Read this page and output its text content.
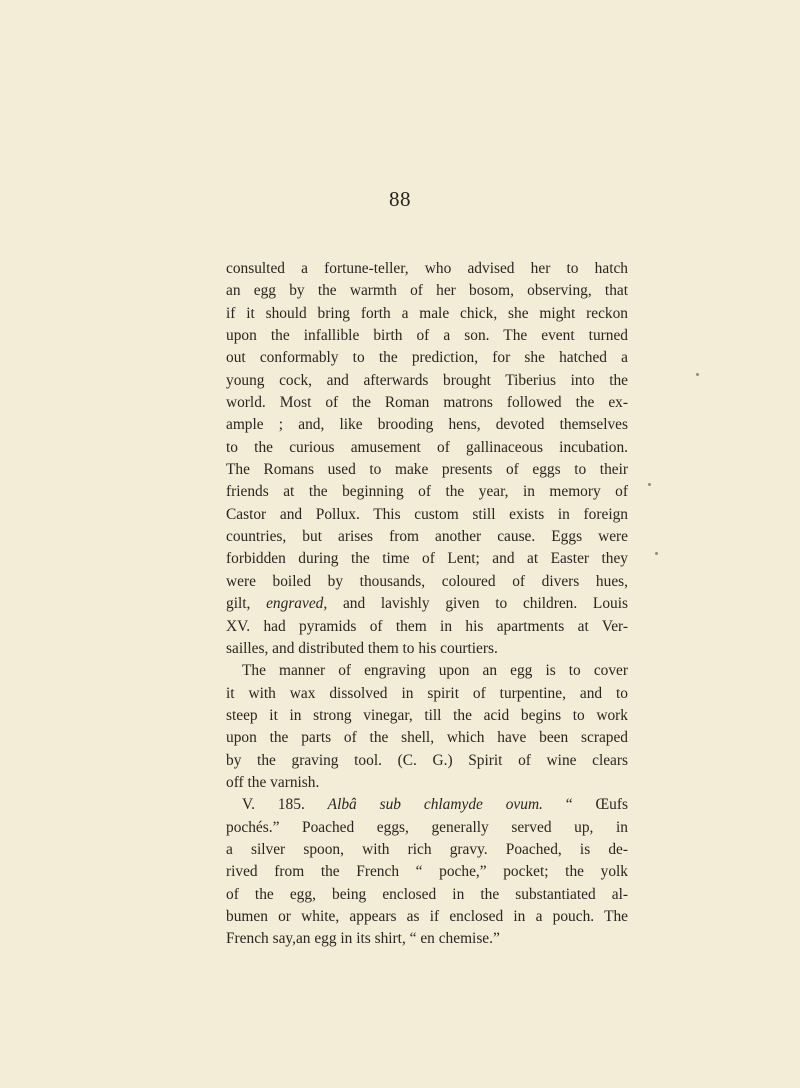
88
consulted a fortune-teller, who advised her to hatch
an egg by the warmth of her bosom, observing, that
if it should bring forth a male chick, she might reckon
upon the infallible birth of a son. The event turned
out conformably to the prediction, for she hatched a
young cock, and afterwards brought Tiberius into the
world. Most of the Roman matrons followed the ex-
ample ; and, like brooding hens, devoted themselves
to the curious amusement of gallinaceous incubation.
The Romans used to make presents of eggs to their
friends at the beginning of the year, in memory of
Castor and Pollux. This custom still exists in foreign
countries, but arises from another cause. Eggs were
forbidden during the time of Lent; and at Easter they
were boiled by thousands, coloured of divers hues,
gilt, engraved, and lavishly given to children. Louis
XV. had pyramids of them in his apartments at Ver-
sailles, and distributed them to his courtiers.
The manner of engraving upon an egg is to cover
it with wax dissolved in spirit of turpentine, and to
steep it in strong vinegar, till the acid begins to work
upon the parts of the shell, which have been scraped
by the graving tool. (C. G.) Spirit of wine clears
off the varnish.
V. 185. Albâ sub chlamyde ovum. “ Œufs
pochés.” Poached eggs, generally served up, in
a silver spoon, with rich gravy. Poached, is de-
rived from the French “ poche,” pocket; the yolk
of the egg, being enclosed in the substantiated al-
bumen or white, appears as if enclosed in a pouch. The
French say,an egg in its shirt, “ en chemise.”
